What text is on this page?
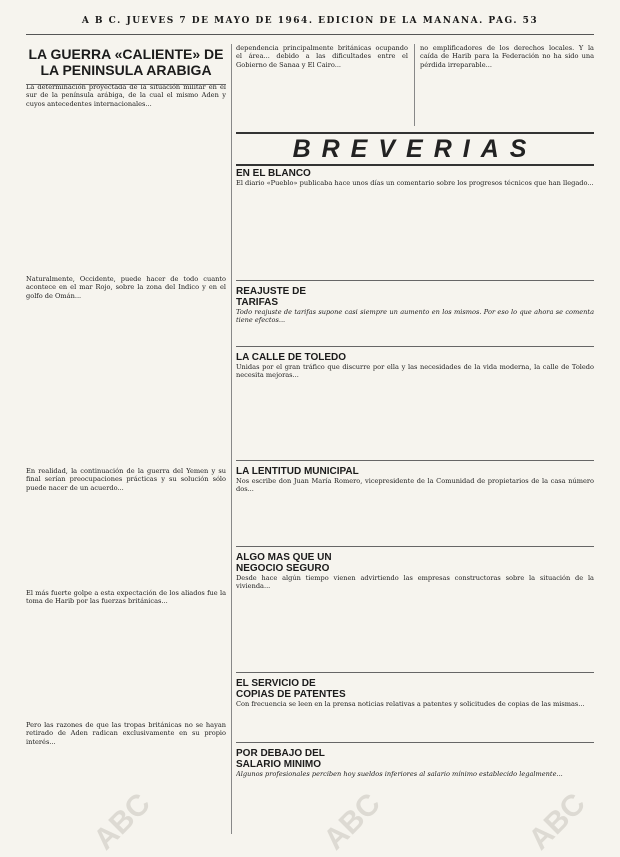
A B C. JUEVES 7 DE MAYO DE 1964. EDICION DE LA MAÑANA. PAG. 53
LA GUERRA «CALIENTE» DE LA PENINSULA ARABIGA

La determinación proyectada de la situación militar en el sur de la península arábiga, de la cual el mismo Aden y cuyos antecedentes internacionales...

Naturalmente, Occidente, puede hacer de todo cuanto acontece en el mar Rojo, sobre la zona del Indico y en el golfo de Omán...

En realidad, la continuación de la guerra del Yemen y su final serían preocupaciones prácticas y su solución sólo puede nacer de un acuerdo...

El más fuerte golpe a esta expectación de los aliados fue la toma de Harib por las fuerzas británicas...

Pero las razones de que las tropas británicas no se hayan retirado de Aden radican exclusivamente en su propio interés...

dependencia principalmente británicas ocupando el área... debido a las dificultades entre el Gobierno de Sanaa y El Cairo...

no emplificadores de los derechos locales. Y la caída de Harib para la Federación no ha sido una pérdida irreparable...

BREVERIAS
EN EL BLANCO

El diario «Pueblo» publicaba hace unos días un comentario sobre los progresos técnicos que han llegado...

REAJUSTE DE TARIFAS

Todo reajuste de tarifas supone casi siempre un aumento en los mismos. Por eso lo que ahora se comenta tiene efectos...

LA CALLE DE TOLEDO

Unidas por el gran tráfico que discurre por ella y las necesidades de la vida moderna, la calle de Toledo necesita mejoras...

LA LENTITUD MUNICIPAL

Nos escribe don Juan María Romero, vicepresidente de la Comunidad de propietarios de la casa número dos...

ALGO MAS QUE UN NEGOCIO SEGURO

Desde hace algún tiempo vienen advirtiendo las empresas constructoras sobre la situación de la vivienda...

EL SERVICIO DE COPIAS DE PATENTES

Con frecuencia se leen en la prensa noticias relativas a patentes y solicitudes de copias de las mismas...

POR DEBAJO DEL SALARIO MINIMO

Algunos profesionales perciben hoy sueldos inferiores al salario mínimo establecido legalmente...

ABC	ABC	ABC
